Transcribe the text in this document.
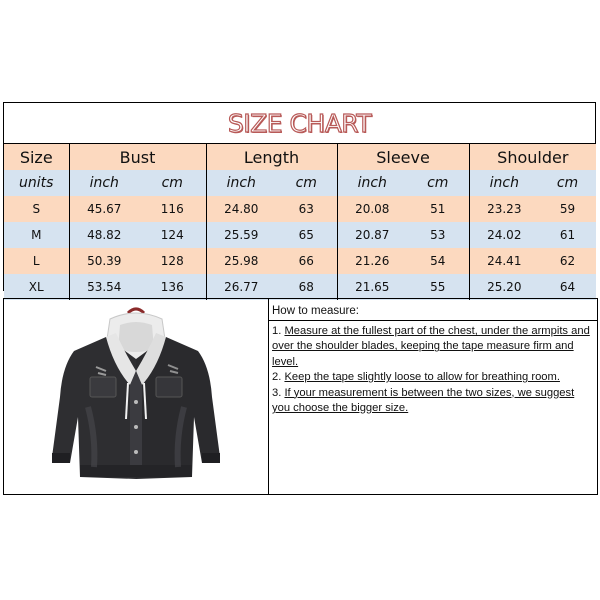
SIZE CHART
Size	Bust		Length		Sleeve		Shoulder	
units	inch	cm	inch	cm	inch	cm	inch	cm
S	45.67	116	24.80	63	20.08	51	23.23	59
M	48.82	124	25.59	65	20.87	53	24.02	61
L	50.39	128	25.98	66	21.26	54	24.41	62
XL	53.54	136	26.77	68	21.65	55	25.20	64
How to measure:

1. Measure at the fullest part of the chest, under the armpits and over the shoulder blades, keeping the tape measure firm and level.

2. Keep the tape slightly loose to allow for breathing room.

3. If your measurement is between the two sizes, we suggest you choose the bigger size.
